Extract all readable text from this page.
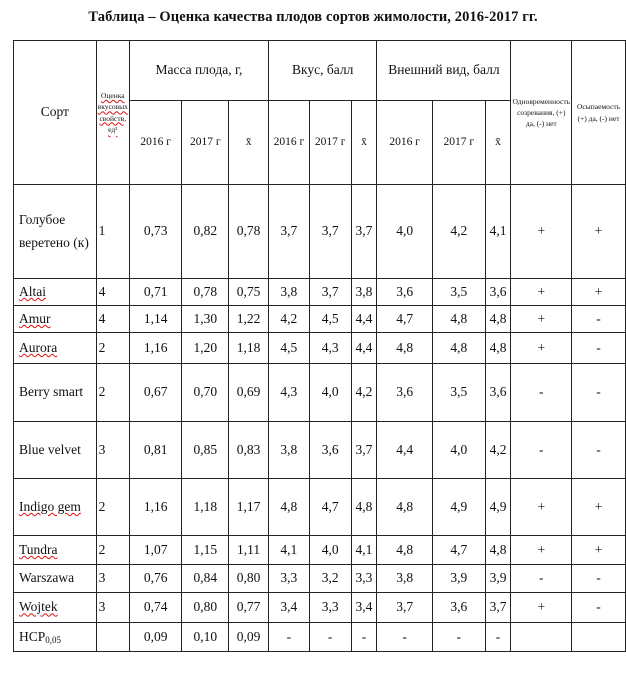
Таблица – Оценка качества плодов сортов жимолости, 2016-2017 гг.
Сорт	Оценка вкусовых свойств, ед³	Масса плода, г,			Вкус, балл			Внешний вид, балл			Одновременность созревания, (+) да, (-) нет	Осыпаемость (+) да, (-) нет
		2016 г	2017 г	x̄	2016 г	2017 г	x̄	2016 г	2017 г	x̄		
Голубое веретено (к)	1	0,73	0,82	0,78	3,7	3,7	3,7	4,0	4,2	4,1	+	+
Altai	4	0,71	0,78	0,75	3,8	3,7	3,8	3,6	3,5	3,6	+	+
Amur	4	1,14	1,30	1,22	4,2	4,5	4,4	4,7	4,8	4,8	+	-
Aurora	2	1,16	1,20	1,18	4,5	4,3	4,4	4,8	4,8	4,8	+	-
Berry smart	2	0,67	0,70	0,69	4,3	4,0	4,2	3,6	3,5	3,6	-	-
Blue velvet	3	0,81	0,85	0,83	3,8	3,6	3,7	4,4	4,0	4,2	-	-
Indigo gem	2	1,16	1,18	1,17	4,8	4,7	4,8	4,8	4,9	4,9	+	+
Tundra	2	1,07	1,15	1,11	4,1	4,0	4,1	4,8	4,7	4,8	+	+
Warszawa	3	0,76	0,84	0,80	3,3	3,2	3,3	3,8	3,9	3,9	-	-
Wojtek	3	0,74	0,80	0,77	3,4	3,3	3,4	3,7	3,6	3,7	+	-
$НСР_{0,05}$		0,09	0,10	0,09	-	-	-	-	-	-		
